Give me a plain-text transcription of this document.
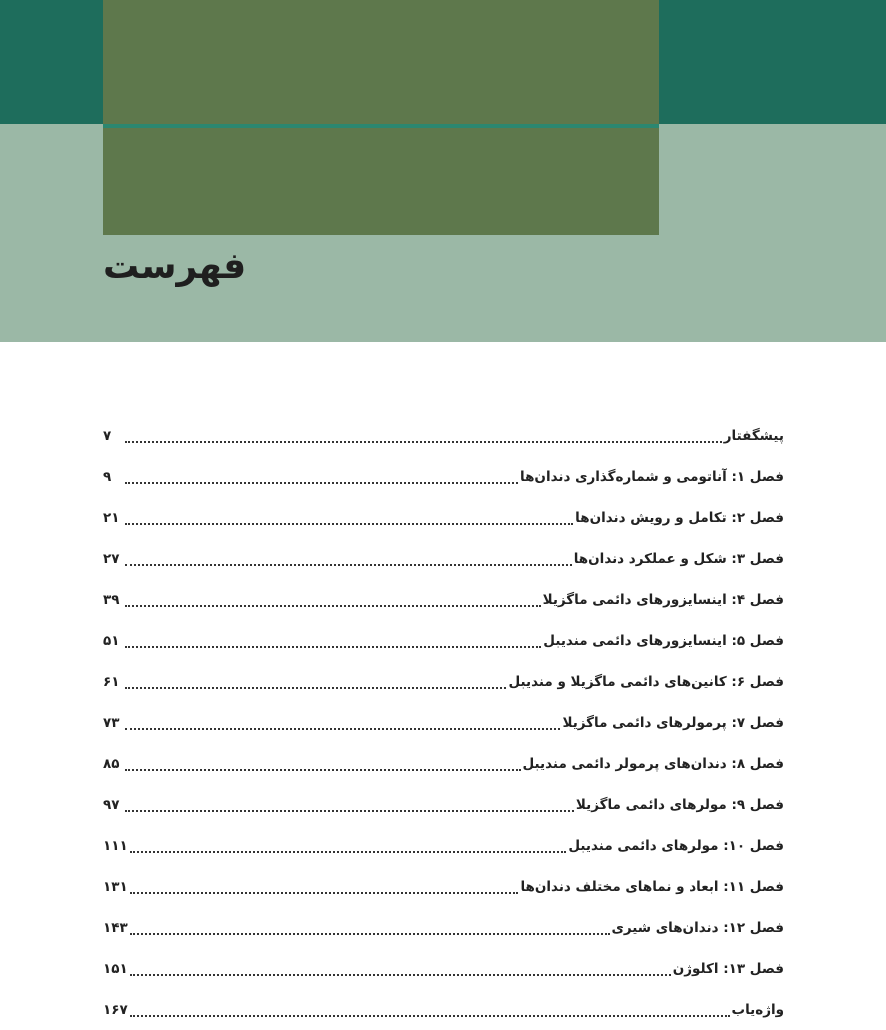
فهرست
پیشگفتار
۷
فصل ۱: آناتومی و شماره‌گذاری دندان‌ها
۹
فصل ۲: تکامل و رویش دندان‌ها
۲۱
فصل ۳: شکل و عملکرد دندان‌ها
۲۷
فصل ۴: اینسایزورهای دائمی ماگزیلا
۳۹
فصل ۵: اینسایزورهای دائمی مندیبل
۵۱
فصل ۶: کانین‌های دائمی ماگزیلا و مندیبل
۶۱
فصل ۷: پرمولرهای دائمی ماگزیلا
۷۳
فصل ۸: دندان‌های پرمولر دائمی مندیبل
۸۵
فصل ۹: مولرهای دائمی ماگزیلا
۹۷
فصل ۱۰: مولرهای دائمی مندیبل
۱۱۱
فصل ۱۱: ابعاد و نماهای مختلف دندان‌ها
۱۳۱
فصل ۱۲: دندان‌های شیری
۱۴۳
فصل ۱۳: اکلوژن
۱۵۱
واژه‌یاب
۱۶۷
